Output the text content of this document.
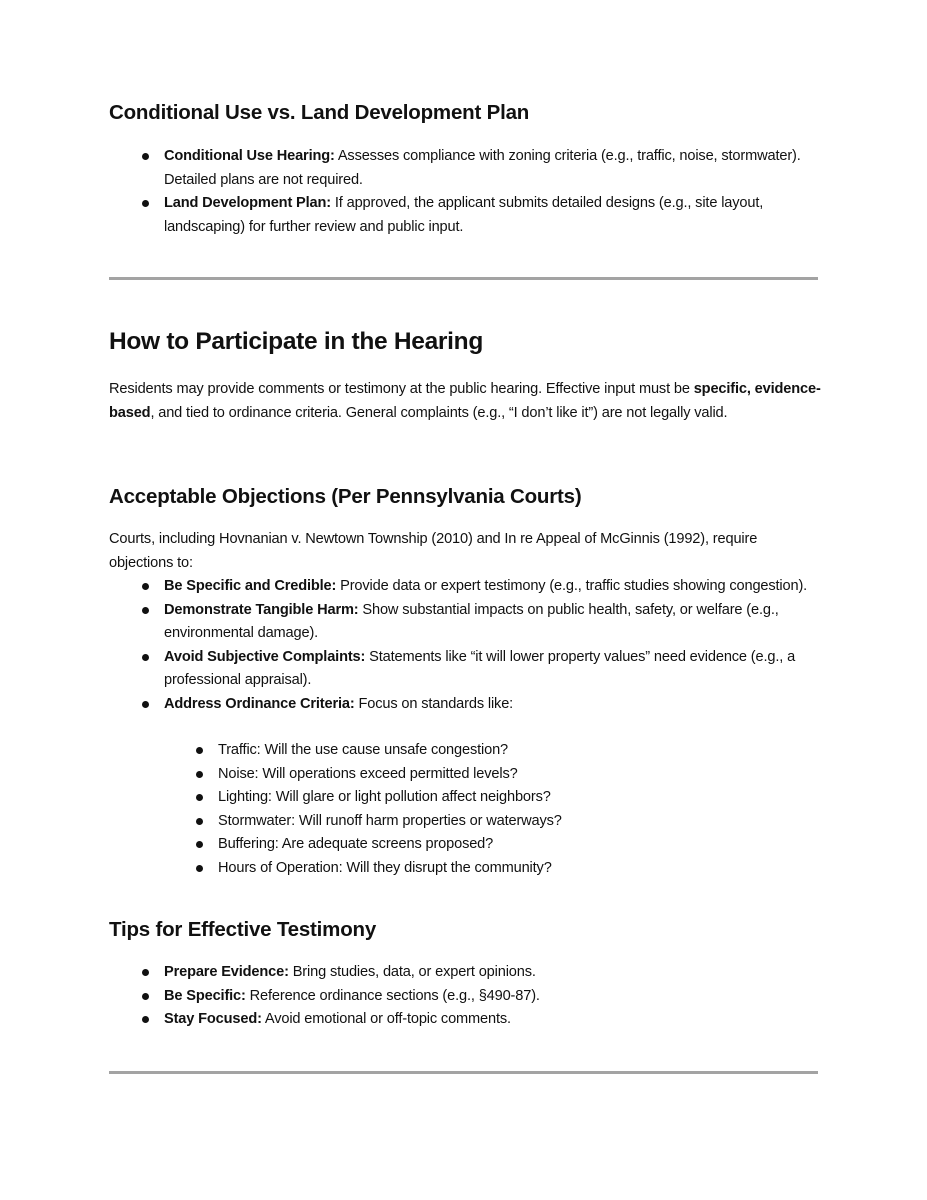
Conditional Use vs. Land Development Plan
Conditional Use Hearing: Assesses compliance with zoning criteria (e.g., traffic, noise, stormwater). Detailed plans are not required.
Land Development Plan: If approved, the applicant submits detailed designs (e.g., site layout, landscaping) for further review and public input.
How to Participate in the Hearing

Residents may provide comments or testimony at the public hearing. Effective input must be specific, evidence-based, and tied to ordinance criteria. General complaints (e.g., “I don’t like it”) are not legally valid.

Acceptable Objections (Per Pennsylvania Courts)

Courts, including Hovnanian v. Newtown Township (2010) and In re Appeal of McGinnis (1992), require objections to:

Be Specific and Credible: Provide data or expert testimony (e.g., traffic studies showing congestion).
Demonstrate Tangible Harm: Show substantial impacts on public health, safety, or welfare (e.g., environmental damage).
Avoid Subjective Complaints: Statements like “it will lower property values” need evidence (e.g., a professional appraisal).
Address Ordinance Criteria: Focus on standards like:
Traffic: Will the use cause unsafe congestion?
Noise: Will operations exceed permitted levels?
Lighting: Will glare or light pollution affect neighbors?
Stormwater: Will runoff harm properties or waterways?
Buffering: Are adequate screens proposed?
Hours of Operation: Will they disrupt the community?
Tips for Effective Testimony
Prepare Evidence: Bring studies, data, or expert opinions.
Be Specific: Reference ordinance sections (e.g., §490-87).
Stay Focused: Avoid emotional or off-topic comments.
